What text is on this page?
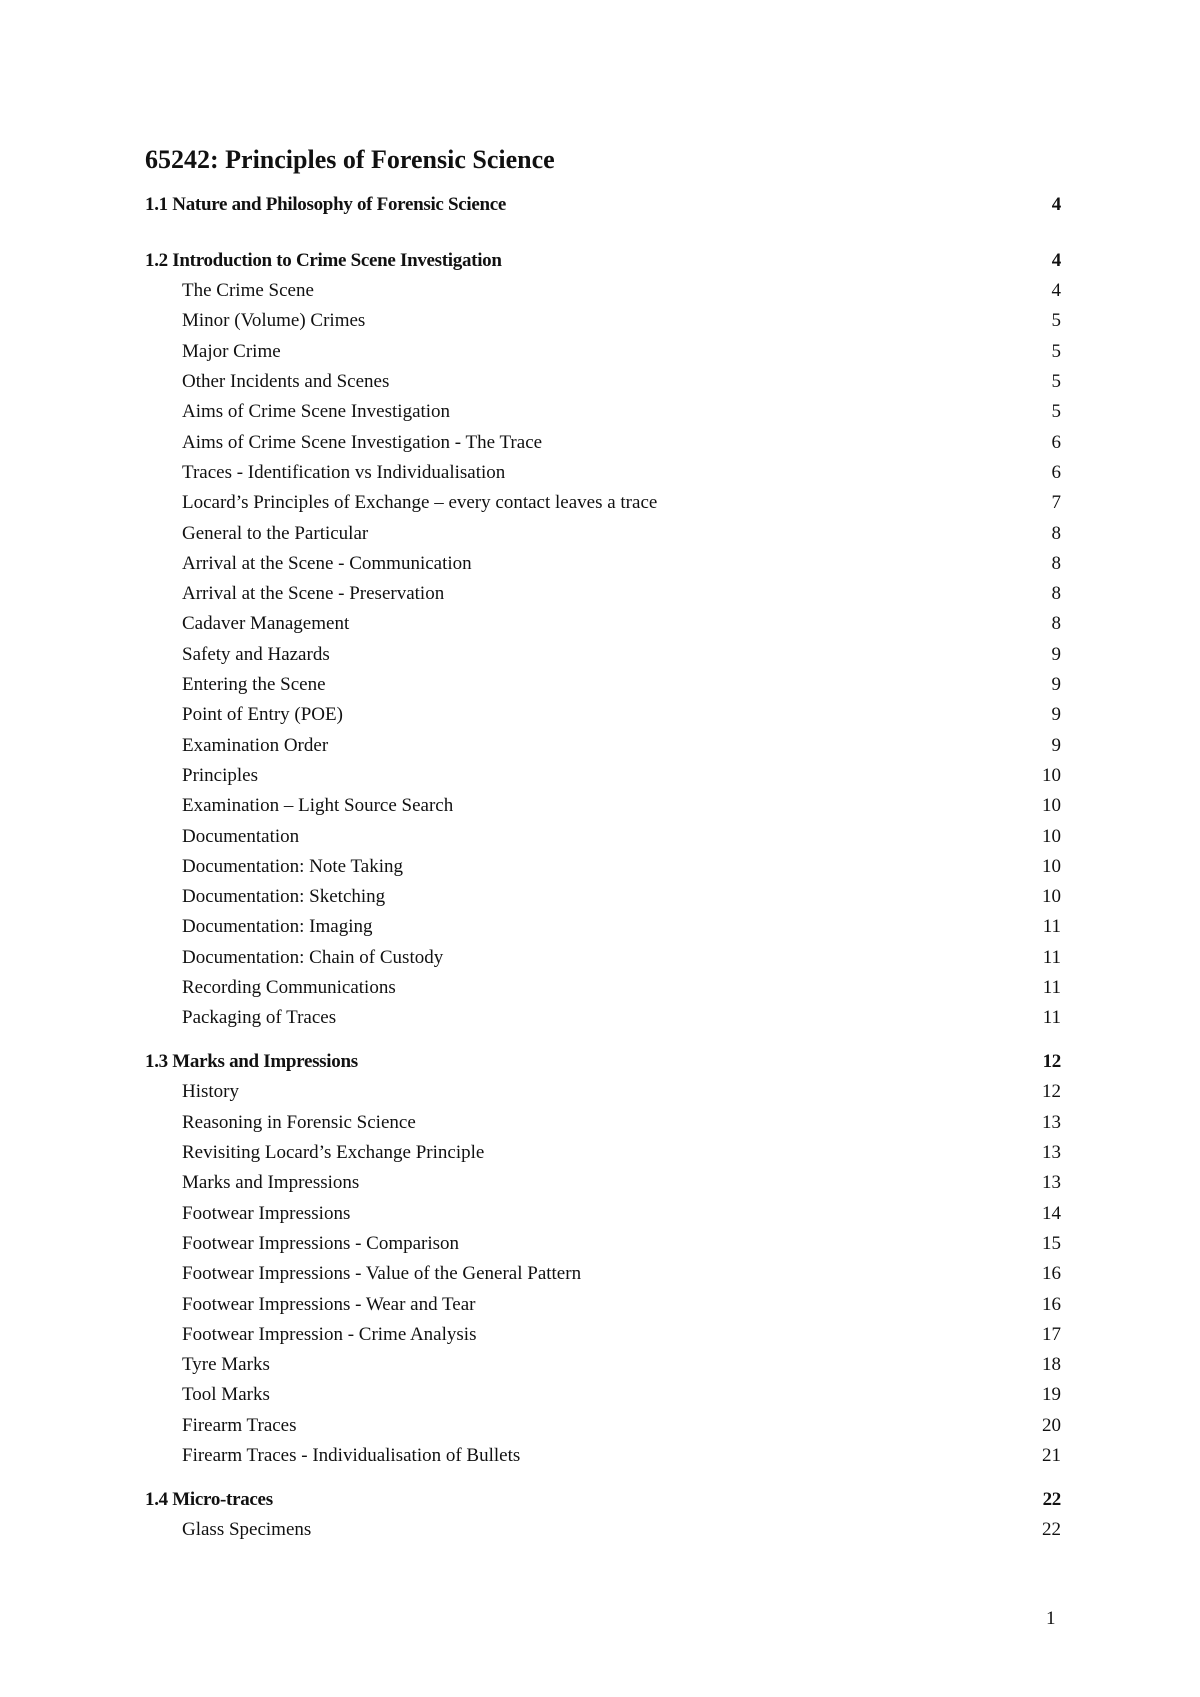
65242: Principles of Forensic Science
1.1 Nature and Philosophy of Forensic Science	4
1.2 Introduction to Crime Scene Investigation	4
The Crime Scene	4
Minor (Volume) Crimes	5
Major Crime	5
Other Incidents and Scenes	5
Aims of Crime Scene Investigation	5
Aims of Crime Scene Investigation - The Trace	6
Traces - Identification vs Individualisation	6
Locard’s Principles of Exchange – every contact leaves a trace	7
General to the Particular	8
Arrival at the Scene - Communication	8
Arrival at the Scene - Preservation	8
Cadaver Management	8
Safety and Hazards	9
Entering the Scene	9
Point of Entry (POE)	9
Examination Order	9
Principles	10
Examination – Light Source Search	10
Documentation	10
Documentation: Note Taking	10
Documentation: Sketching	10
Documentation: Imaging	11
Documentation: Chain of Custody	11
Recording Communications	11
Packaging of Traces	11
1.3 Marks and Impressions	12
History	12
Reasoning in Forensic Science	13
Revisiting Locard’s Exchange Principle	13
Marks and Impressions	13
Footwear Impressions	14
Footwear Impressions - Comparison	15
Footwear Impressions - Value of the General Pattern	16
Footwear Impressions - Wear and Tear	16
Footwear Impression - Crime Analysis	17
Tyre Marks	18
Tool Marks	19
Firearm Traces	20
Firearm Traces - Individualisation of Bullets	21
1.4 Micro-traces	22
Glass Specimens	22
1
